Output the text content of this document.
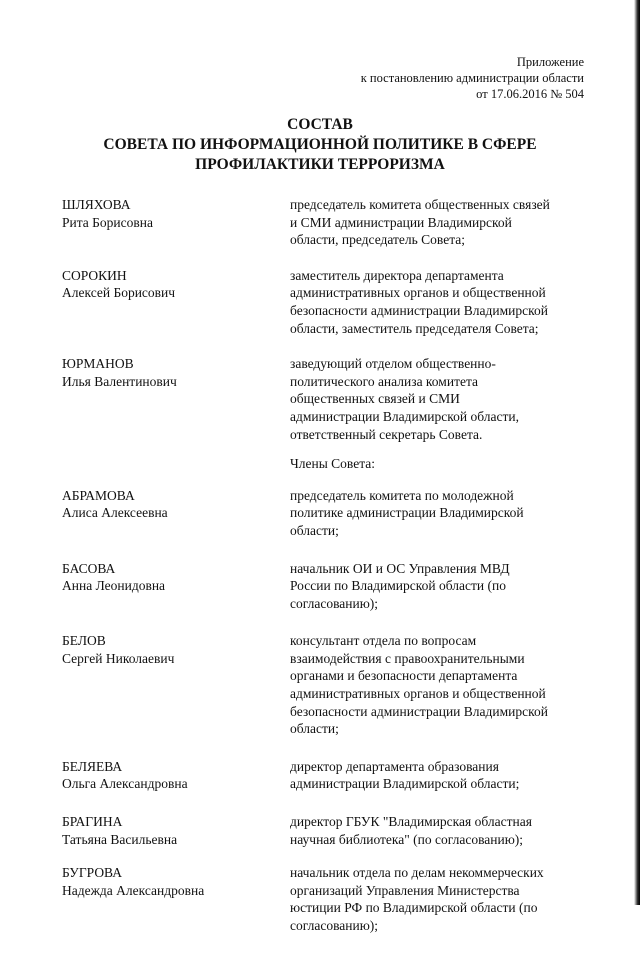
Приложение
к постановлению администрации области
от 17.06.2016 № 504
СОСТАВ
СОВЕТА ПО ИНФОРМАЦИОННОЙ ПОЛИТИКЕ В СФЕРЕ
ПРОФИЛАКТИКИ ТЕРРОРИЗМА
ШЛЯХОВА
Рита Борисовна
председатель комитета общественных связей
и СМИ администрации Владимирской
области, председатель Совета;
СОРОКИН
Алексей Борисович
заместитель директора департамента
административных органов и общественной
безопасности администрации Владимирской
области, заместитель председателя Совета;
ЮРМАНОВ
Илья Валентинович
заведующий отделом общественно-
политического анализа комитета
общественных связей и СМИ
администрации Владимирской области,
ответственный секретарь Совета.
Члены Совета:
АБРАМОВА
Алиса Алексеевна
председатель комитета по молодежной
политике администрации Владимирской
области;
БАСОВА
Анна Леонидовна
начальник ОИ и ОС Управления МВД
России по Владимирской области (по
согласованию);
БЕЛОВ
Сергей Николаевич
консультант отдела по вопросам
взаимодействия с правоохранительными
органами и безопасности департамента
административных органов и общественной
безопасности администрации Владимирской
области;
БЕЛЯЕВА
Ольга Александровна
директор департамента образования
администрации Владимирской области;
БРАГИНА
Татьяна Васильевна
директор ГБУК "Владимирская областная
научная библиотека" (по согласованию);
БУГРОВА
Надежда Александровна
начальник отдела по делам некоммерческих
организаций Управления Министерства
юстиции РФ по Владимирской области (по
согласованию);
